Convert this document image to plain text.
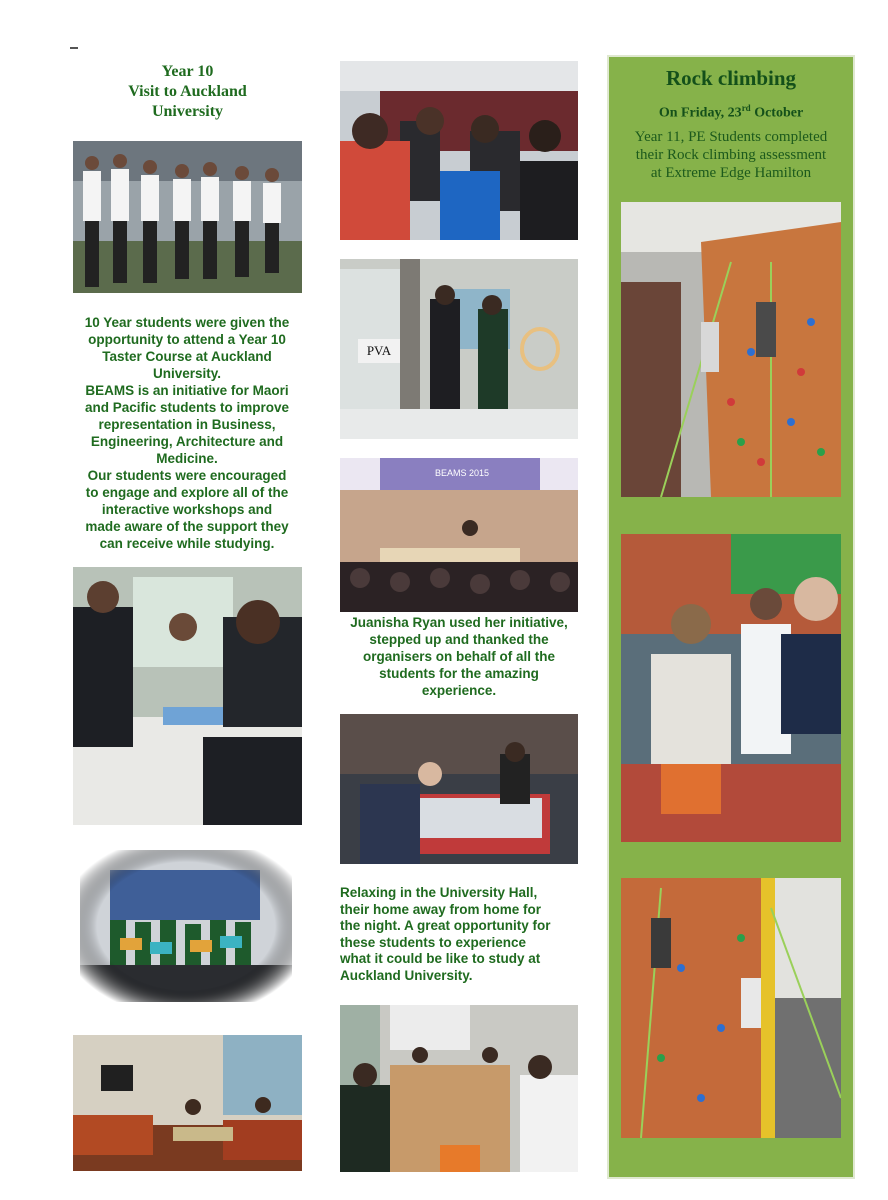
Year 10
Visit to Auckland
University
10 Year students were given the
opportunity to attend a Year 10
Taster Course at Auckland
University.
BEAMS is an initiative for Maori
and Pacific students to improve
representation in Business,
Engineering, Architecture and
Medicine.
Our students were encouraged
to engage and explore all of the
interactive workshops and
made aware of the support they
can receive while studying.
PVA
BEAMS 2015
Juanisha Ryan used her initiative,
stepped up and thanked the
organisers on behalf of all the
students for the amazing
experience.
Relaxing in the University Hall,
their home away from home for
the night. A great opportunity for
these students to experience
what it could be like to study at
Auckland University.
Rock climbing
On Friday, 23rd October
Year 11, PE Students completed
their Rock climbing assessment
at Extreme Edge Hamilton
